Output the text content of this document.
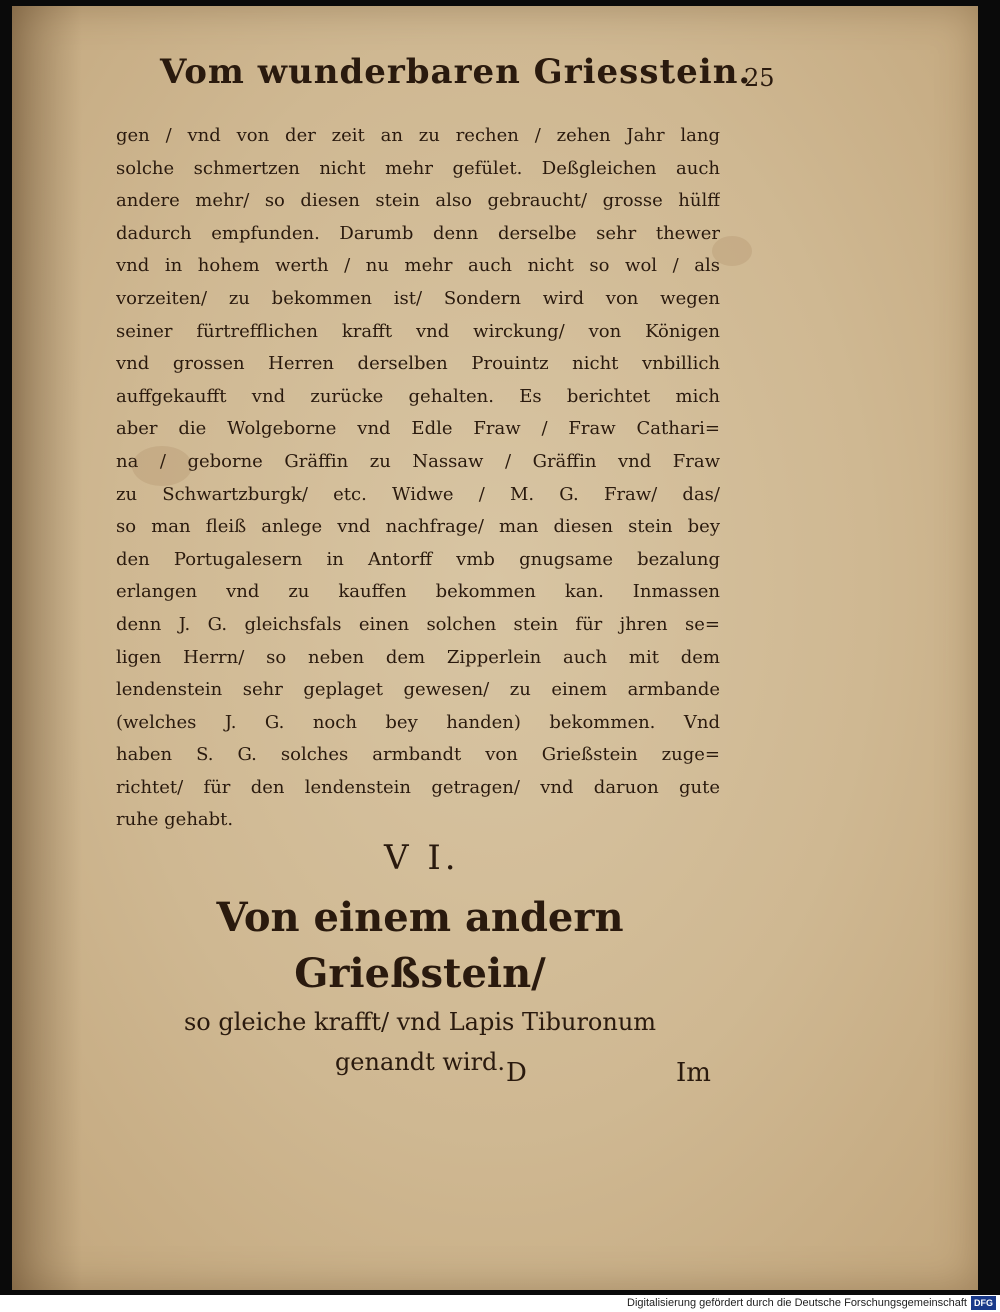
Vom wunderbaren Griesstein.
25
gen / vnd von der zeit an zu rechen / zehen Jahr lang
solche schmertzen nicht mehr gefület. Deßgleichen auch
andere mehr/ so diesen stein also gebraucht/ grosse hülff
dadurch empfunden. Darumb denn derselbe sehr thewer
vnd in hohem werth / nu mehr auch nicht so wol / als
vorzeiten/ zu bekommen ist/ Sondern wird von wegen
seiner fürtrefflichen krafft vnd wirckung/ von Königen
vnd grossen Herren derselben Prouintz nicht vnbillich
auffgekaufft vnd zurücke gehalten. Es berichtet mich
aber die Wolgeborne vnd Edle Fraw / Fraw Cathari=
na / geborne Gräffin zu Nassaw / Gräffin vnd Fraw
zu Schwartzburgk/ etc. Widwe / M. G. Fraw/ das/
so man fleiß anlege vnd nachfrage/ man diesen stein bey
den Portugalesern in Antorff vmb gnugsame bezalung
erlangen vnd zu kauffen bekommen kan. Inmassen
denn J. G. gleichsfals einen solchen stein für jhren se=
ligen Herrn/ so neben dem Zipperlein auch mit dem
lendenstein sehr geplaget gewesen/ zu einem armbande
(welches J. G. noch bey handen) bekommen. Vnd
haben S. G. solches armbandt von Grießstein zuge=
richtet/ für den lendenstein getragen/ vnd daruon gute
ruhe gehabt.
V I.
Von einem andern Grießstein/
so gleiche krafft/ vnd Lapis Tiburonum
genandt wird. D	Im
Digitalisierung gefördert durch die Deutsche Forschungsgemeinschaft DFG
